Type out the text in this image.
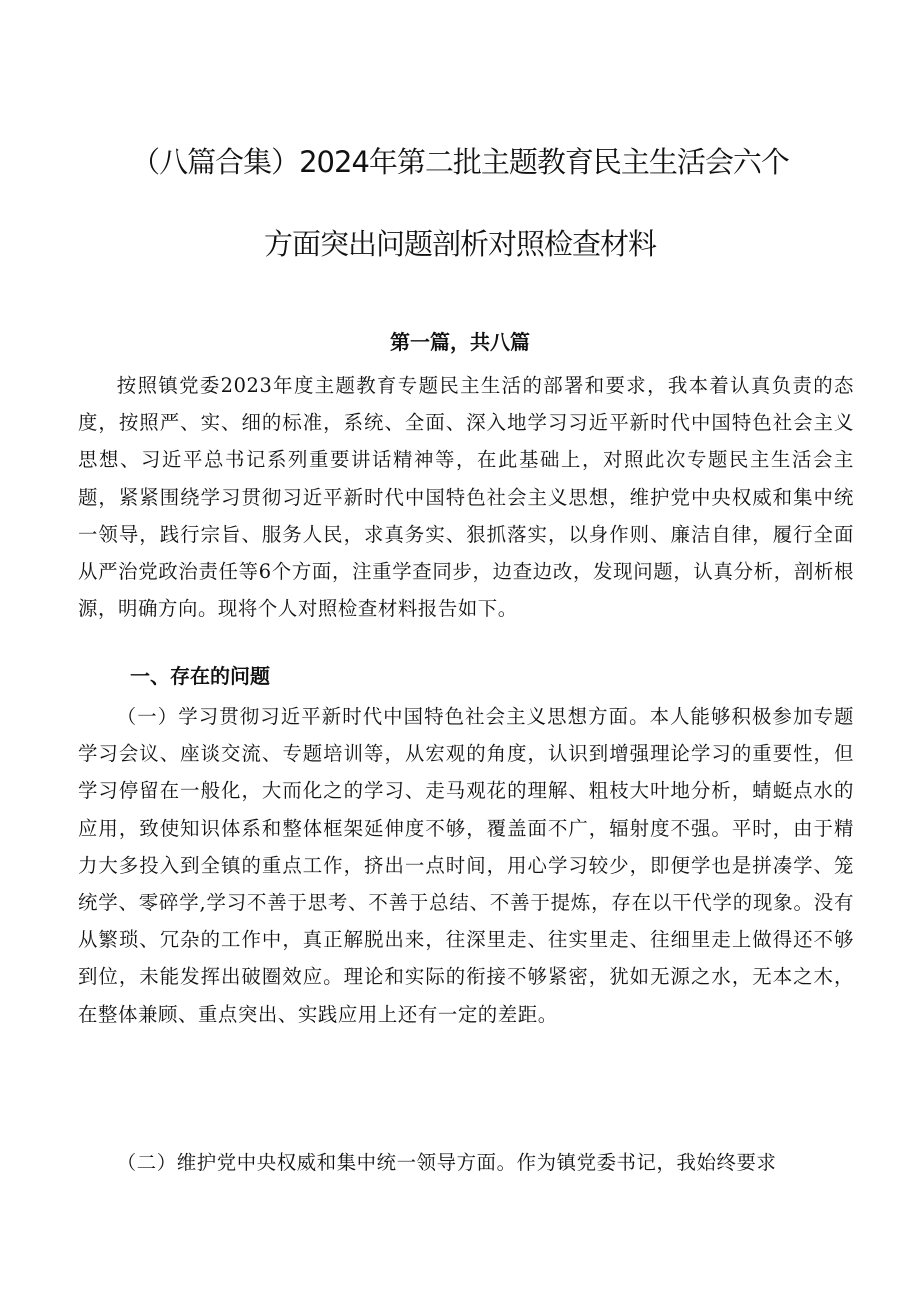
（八篇合集）2024年第二批主题教育民主生活会六个
方面突出问题剖析对照检查材料
第一篇，共八篇

按照镇党委2023年度主题教育专题民主生活的部署和要求，我本着认真负责的态度，按照严、实、细的标准，系统、全面、深入地学习习近平新时代中国特色社会主义思想、习近平总书记系列重要讲话精神等，在此基础上，对照此次专题民主生活会主题，紧紧围绕学习贯彻习近平新时代中国特色社会主义思想，维护党中央权威和集中统一领导，践行宗旨、服务人民，求真务实、狠抓落实，以身作则、廉洁自律，履行全面从严治党政治责任等6个方面，注重学查同步，边查边改，发现问题，认真分析，剖析根源，明确方向。现将个人对照检查材料报告如下。

一、存在的问题

（一）学习贯彻习近平新时代中国特色社会主义思想方面。本人能够积极参加专题学习会议、座谈交流、专题培训等，从宏观的角度，认识到增强理论学习的重要性，但学习停留在一般化，大而化之的学习、走马观花的理解、粗枝大叶地分析，蜻蜓点水的应用，致使知识体系和整体框架延伸度不够，覆盖面不广，辐射度不强。平时，由于精力大多投入到全镇的重点工作，挤出一点时间，用心学习较少，即便学也是拼凑学、笼统学、零碎学,学习不善于思考、不善于总结、不善于提炼，存在以干代学的现象。没有从繁琐、冗杂的工作中，真正解脱出来，往深里走、往实里走、往细里走上做得还不够到位，未能发挥出破圈效应。理论和实际的衔接不够紧密，犹如无源之水，无本之木，在整体兼顾、重点突出、实践应用上还有一定的差距。

（二）维护党中央权威和集中统一领导方面。作为镇党委书记，我始终要求
